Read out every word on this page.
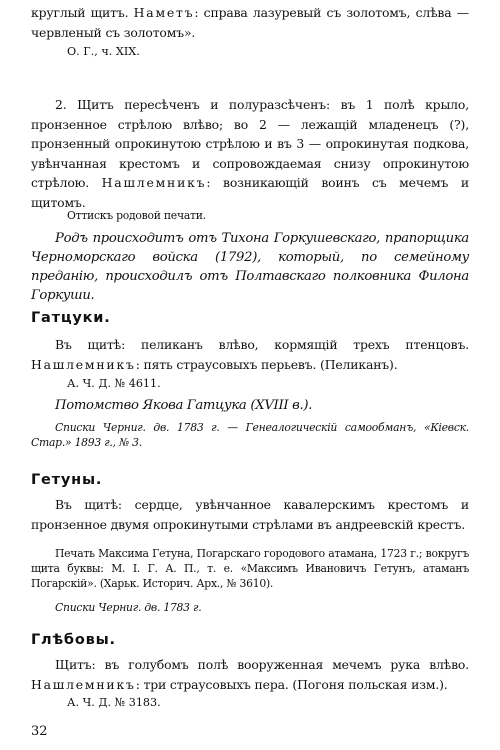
круглый щитъ. Наметъ: справа лазуревый съ золотомъ, слѣва — червленый съ золотомъ».

О. Г., ч. XIX.

2. Щитъ пересѣченъ и полуразсѣченъ: въ 1 полѣ крыло, пронзенное стрѣлою влѣво; во 2 — лежащій младенецъ (?), пронзенный опрокинутою стрѣлою и въ 3 — опрокинутая подкова, увѣнчанная крестомъ и сопровождаемая снизу опрокинутою стрѣлою. Нашлемникъ: возникающій воинъ съ мечемъ и щитомъ.

Оттискъ родовой печати.

Родъ происходитъ отъ Тихона Горкушевскаго, прапорщика Черноморскаго войска (1792), который, по семейному преданію, происходилъ отъ Полтавскаго полковника Филона Горкуши.

Гатцуки.

Въ щитѣ: пеликанъ влѣво, кормящій трехъ птенцовъ. Нашлемникъ: пять страусовыхъ перьевъ. (Пеликанъ).

А. Ч. Д. № 4611.

Потомство Якова Гатцука (XVIII в.).

Списки Черниг. дв. 1783 г. — Генеалогическій самообманъ, «Кіевск. Стар.» 1893 г., № 3.

Гетуны.

Въ щитѣ: сердце, увѣнчанное кавалерскимъ крестомъ и пронзенное двумя опрокинутыми стрѣлами въ андреевскій крестъ.

Печать Максима Гетуна, Погарскаго городового атамана, 1723 г.; вокругъ щита буквы: М. І. Г. А. П., т. е. «Максимъ Ивановичъ Гетунъ, атаманъ Погарскій». (Харьк. Историч. Арх., № 3610).

Списки Черниг. дв. 1783 г.

Глѣбовы.

Щитъ: въ голубомъ полѣ вооруженная мечемъ рука влѣво. Нашлемникъ: три страусовыхъ пера. (Погоня польская изм.).

А. Ч. Д. № 3183.

32
